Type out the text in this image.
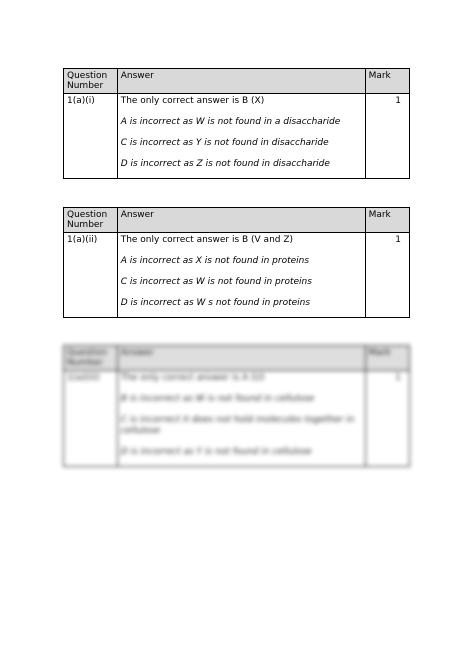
Question Number	Answer	Mark
1(a)(i)	The only correct answer is B (X)

A is incorrect as W is not found in a disaccharide

C is incorrect as Y is not found in disaccharide

D is incorrect as Z is not found in disaccharide	1
Question Number	Answer	Mark
1(a)(ii)	The only correct answer is B (V and Z)

A is incorrect as X is not found in proteins

C is incorrect as W is not found in proteins

D is incorrect as W s not found in proteins	1
Question Number	Answer	Mark
1(a)(iii)	The only correct answer is A (U)

B is incorrect as W is not found in cellulose

C is incorrect it does not hold molecules together in cellulose

D is incorrect as Y is not found in cellulose	1
